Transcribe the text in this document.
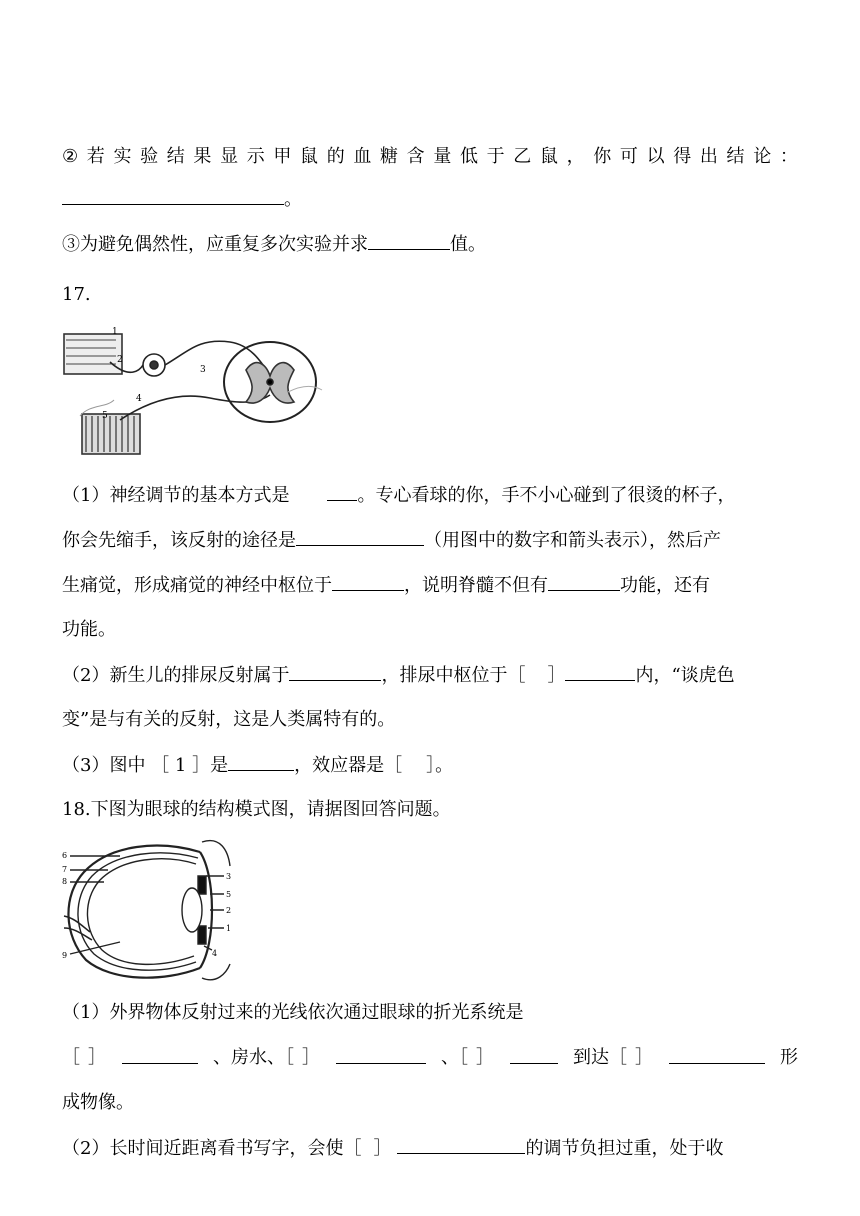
② 若 实 验 结 果 显 示 甲 鼠 的 血 糖 含 量 低 于 乙 鼠 ， 你 可 以 得 出 结 论 ：
。
③为避免偶然性，应重复多次实验并求	值。
17.
1
2
3
4
5
（1）神经调节的基本方式是	。专心看球的你，手不小心碰到了很烫的杯子，
你会先缩手，该反射的途径是	（用图中的数字和箭头表示），然后产
生痛觉，形成痛觉的神经中枢位于	，说明脊髓不但有	功能，还有
功能。
（2）新生儿的排尿反射属于	，排尿中枢位于［ ］	内，“谈虎色
变”是与有关的反射，这是人类属特有的。
（3）图中 ［ 1 ］是	，效应器是［ ］。
18.下图为眼球的结构模式图，请据图回答问题。
6
7
8
9
3
5
2
1
4
（1）外界物体反射过来的光线依次通过眼球的折光系统是
［ ］	、房水、［ ］	、［ ］	到达［ ］	形
成物像。
（2）长时间近距离看书写字，会使［ ］	的调节负担过重，处于收
